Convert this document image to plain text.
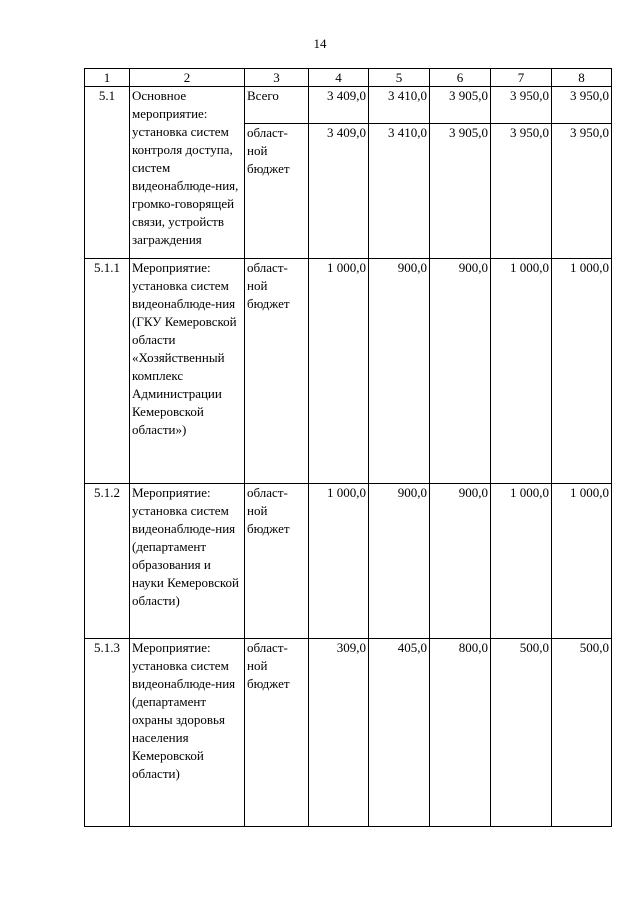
14
1	2	3	4	5	6	7	8
5.1	Основное мероприятие: установка систем контроля доступа, систем видеонаблюде-ния, громко-говорящей связи, устройств заграждения	Всего	3 409,0	3 410,0	3 905,0	3 950,0	3 950,0
		област-ной бюджет	3 409,0	3 410,0	3 905,0	3 950,0	3 950,0
5.1.1	Мероприятие: установка систем видеонаблюде-ния (ГКУ Кемеровской области «Хозяйственный комплекс Администрации Кемеровской области»)	област-ной бюджет	1 000,0	900,0	900,0	1 000,0	1 000,0
5.1.2	Мероприятие: установка систем видеонаблюде-ния (департамент образования и науки Кемеровской области)	област-ной бюджет	1 000,0	900,0	900,0	1 000,0	1 000,0
5.1.3	Мероприятие: установка систем видеонаблюде-ния (департамент охраны здоровья населения Кемеровской области)	област-ной бюджет	309,0	405,0	800,0	500,0	500,0
